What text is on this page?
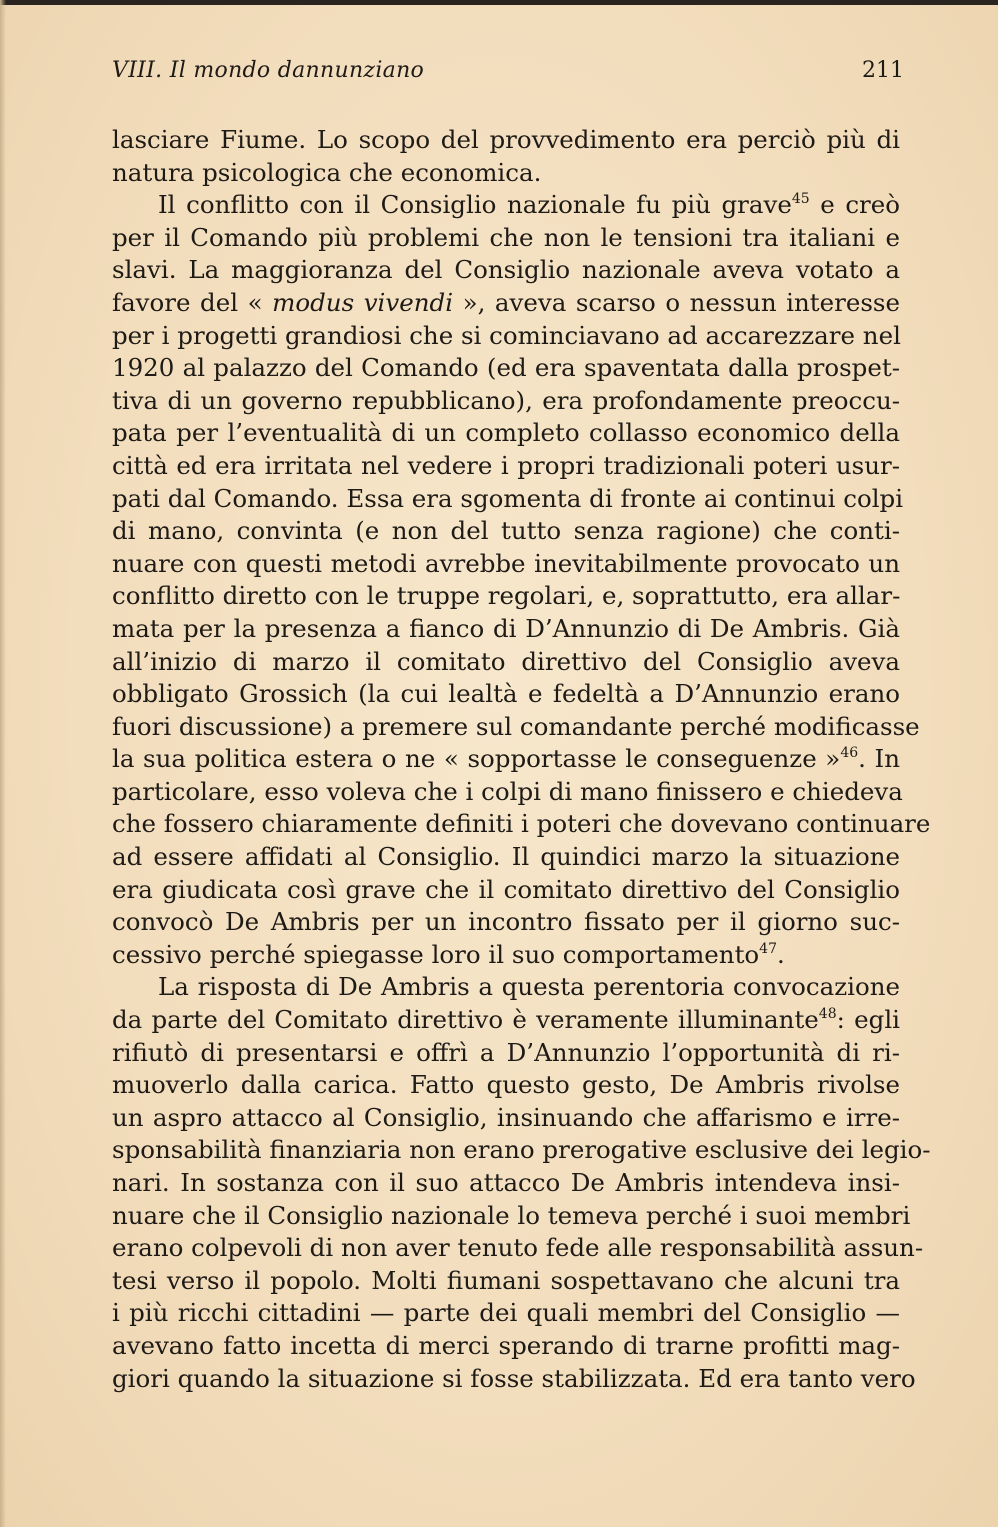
VIII. Il mondo dannunziano	211
lasciare Fiume. Lo scopo del provvedimento era perciò più di
natura psicologica che economica.
Il conflitto con il Consiglio nazionale fu più grave$^{45}$ e creò
per il Comando più problemi che non le tensioni tra italiani e
slavi. La maggioranza del Consiglio nazionale aveva votato a
favore del « modus vivendi », aveva scarso o nessun interesse
per i progetti grandiosi che si cominciavano ad accarezzare nel
1920 al palazzo del Comando (ed era spaventata dalla prospet-
tiva di un governo repubblicano), era profondamente preoccu-
pata per l’eventualità di un completo collasso economico della
città ed era irritata nel vedere i propri tradizionali poteri usur-
pati dal Comando. Essa era sgomenta di fronte ai continui colpi
di mano, convinta (e non del tutto senza ragione) che conti-
nuare con questi metodi avrebbe inevitabilmente provocato un
conflitto diretto con le truppe regolari, e, soprattutto, era allar-
mata per la presenza a fianco di D’Annunzio di De Ambris. Già
all’inizio di marzo il comitato direttivo del Consiglio aveva
obbligato Grossich (la cui lealtà e fedeltà a D’Annunzio erano
fuori discussione) a premere sul comandante perché modificasse
la sua politica estera o ne « sopportasse le conseguenze »$^{46}$. In
particolare, esso voleva che i colpi di mano finissero e chiedeva
che fossero chiaramente definiti i poteri che dovevano continuare
ad essere affidati al Consiglio. Il quindici marzo la situazione
era giudicata così grave che il comitato direttivo del Consiglio
convocò De Ambris per un incontro fissato per il giorno suc-
cessivo perché spiegasse loro il suo comportamento$^{47}$.
La risposta di De Ambris a questa perentoria convocazione
da parte del Comitato direttivo è veramente illuminante$^{48}$: egli
rifiutò di presentarsi e offrì a D’Annunzio l’opportunità di ri-
muoverlo dalla carica. Fatto questo gesto, De Ambris rivolse
un aspro attacco al Consiglio, insinuando che affarismo e irre-
sponsabilità finanziaria non erano prerogative esclusive dei legio-
nari. In sostanza con il suo attacco De Ambris intendeva insi-
nuare che il Consiglio nazionale lo temeva perché i suoi membri
erano colpevoli di non aver tenuto fede alle responsabilità assun-
tesi verso il popolo. Molti fiumani sospettavano che alcuni tra
i più ricchi cittadini — parte dei quali membri del Consiglio —
avevano fatto incetta di merci sperando di trarne profitti mag-
giori quando la situazione si fosse stabilizzata. Ed era tanto vero
